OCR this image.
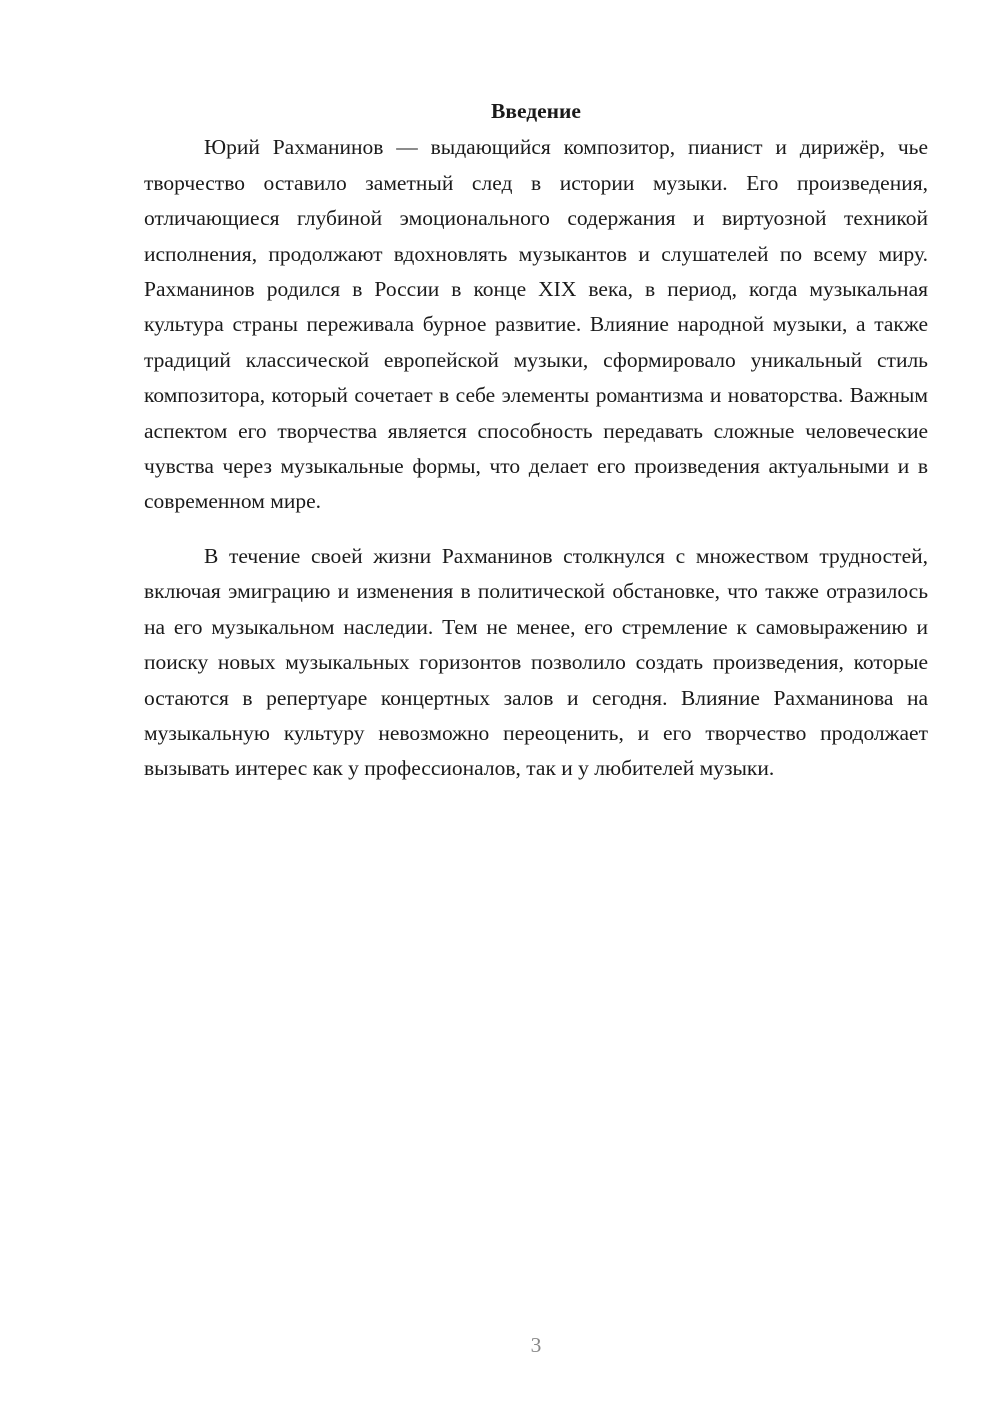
Введение

Юрий Рахманинов — выдающийся композитор, пианист и дирижёр, чье творчество оставило заметный след в истории музыки. Его произведения, отличающиеся глубиной эмоционального содержания и виртуозной техникой исполнения, продолжают вдохновлять музыкантов и слушателей по всему миру. Рахманинов родился в России в конце XIX века, в период, когда музыкальная культура страны переживала бурное развитие. Влияние народной музыки, а также традиций классической европейской музыки, сформировало уникальный стиль композитора, который сочетает в себе элементы романтизма и новаторства. Важным аспектом его творчества является способность передавать сложные человеческие чувства через музыкальные формы, что делает его произведения актуальными и в современном мире.

В течение своей жизни Рахманинов столкнулся с множеством трудностей, включая эмиграцию и изменения в политической обстановке, что также отразилось на его музыкальном наследии. Тем не менее, его стремление к самовыражению и поиску новых музыкальных горизонтов позволило создать произведения, которые остаются в репертуаре концертных залов и сегодня. Влияние Рахманинова на музыкальную культуру невозможно переоценить, и его творчество продолжает вызывать интерес как у профессионалов, так и у любителей музыки.

3
